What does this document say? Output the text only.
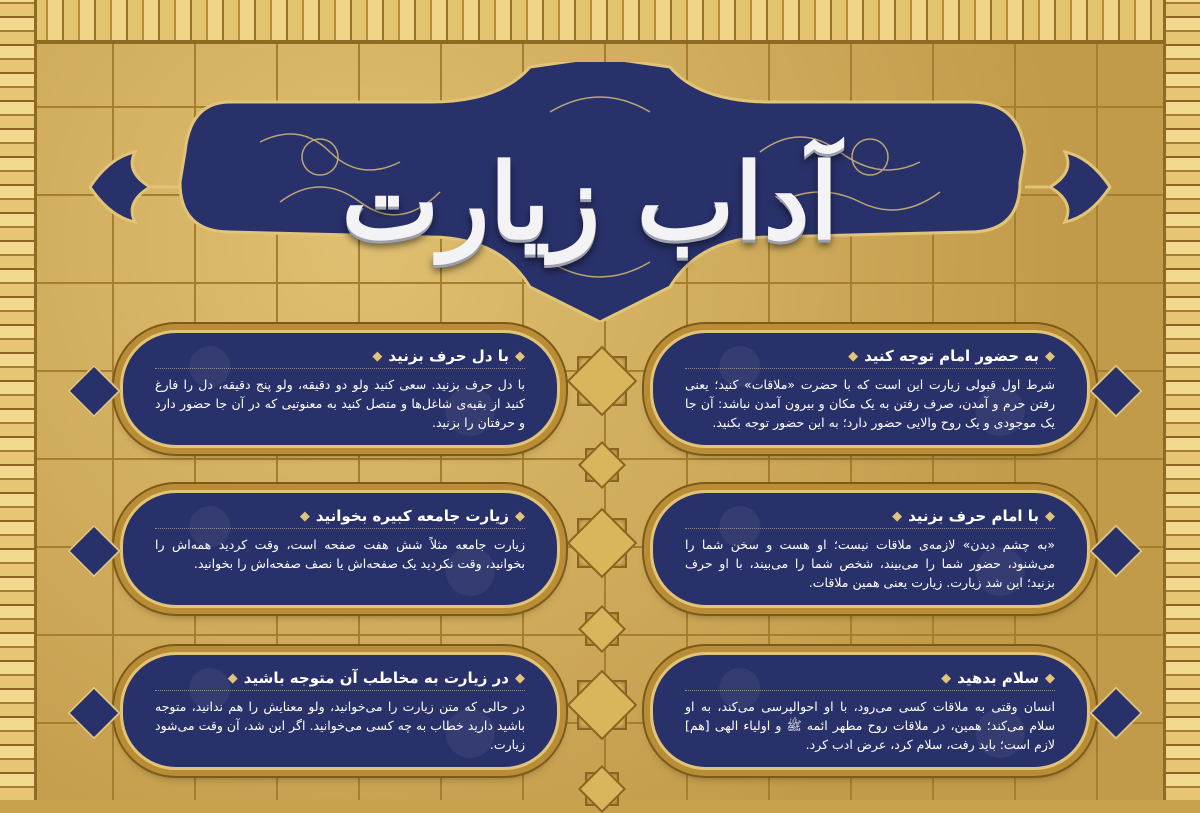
آداب زیارت
◆
به حضور امام توجه کنید
◆
شرط اول قبولی زیارت این است که با حضرت «ملاقات» کنید؛ یعنی رفتن حرم و آمدن، صرف رفتن به یک مکان و بیرون آمدن نباشد: آن جا یک موجودی و یک روح والایی حضور دارد؛ به این حضور توجه بکنید.
◆
با امام حرف بزنید
◆
«به چشم دیدن» لازمه‌ی ملاقات نیست؛ او هست و سخن شما را می‌شنود، حضور شما را می‌بیند، شخص شما را می‌بیند، با او حرف بزنید؛ این شد زیارت. زیارت یعنی همین ملاقات.
◆
سلام بدهید
◆
انسان وقتی به ملاقات کسی می‌رود، با او احوالپرسی می‌کند، به او سلام می‌کند؛ همین، در ملاقات روح مطهر ائمه ﷺ و اولیاء الهی [هم] لازم است؛ باید رفت، سلام کرد، عرض ادب کرد.
◆
با دل حرف بزنید
◆
با دل حرف بزنید. سعی کنید ولو دو دقیقه، ولو پنج دقیقه، دل را فارغ کنید از بقیه‌ی شاغل‌ها و متصل کنید به معنوتیی که در آن جا حضور دارد و حرفتان را بزنید.
◆
زیارت جامعه کبیره بخوانید
◆
زیارت جامعه مثلاً شش هفت صفحه است، وقت کردید همه‌اش را بخوانید، وقت نکردید یک صفحه‌اش یا نصف صفحه‌اش را بخوانید.
◆
در زیارت به مخاطب آن متوجه باشید
◆
در حالی که متن زیارت را می‌خوانید، ولو معنایش را هم ندانید، متوجه باشید دارید خطاب به چه کسی می‌خوانید. اگر این شد، آن وقت می‌شود زیارت.
